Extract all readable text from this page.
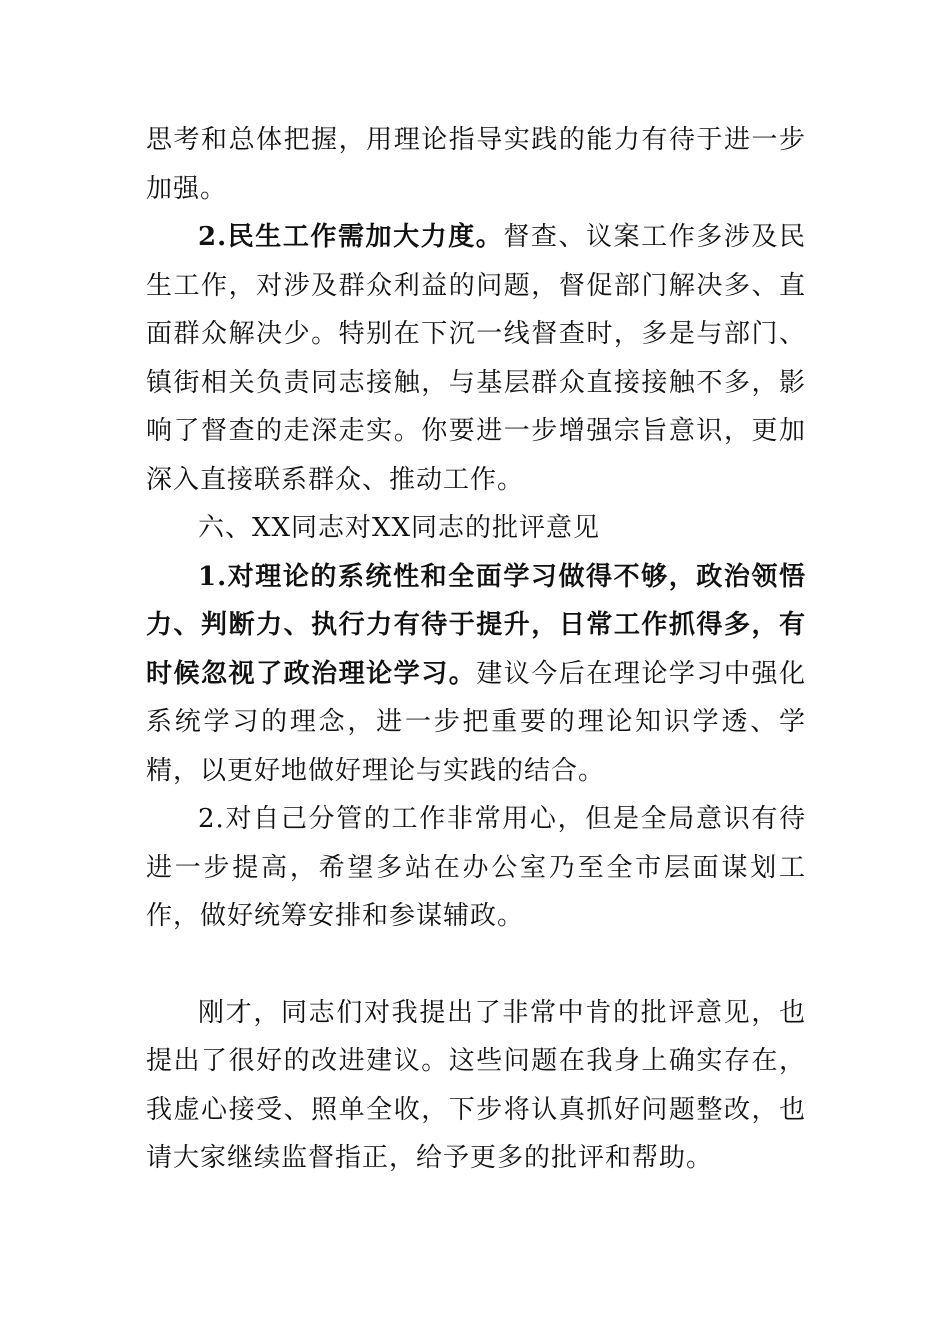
思考和总体把握，用理论指导实践的能力有待于进一步加强。

2.民生工作需加大力度。督查、议案工作多涉及民生工作，对涉及群众利益的问题，督促部门解决多、直面群众解决少。特别在下沉一线督查时，多是与部门、镇街相关负责同志接触，与基层群众直接接触不多，影响了督查的走深走实。你要进一步增强宗旨意识，更加深入直接联系群众、推动工作。

六、XX同志对XX同志的批评意见

1.对理论的系统性和全面学习做得不够，政治领悟力、判断力、执行力有待于提升，日常工作抓得多，有时候忽视了政治理论学习。建议今后在理论学习中强化系统学习的理念，进一步把重要的理论知识学透、学精，以更好地做好理论与实践的结合。

2.对自己分管的工作非常用心，但是全局意识有待进一步提高，希望多站在办公室乃至全市层面谋划工作，做好统筹安排和参谋辅政。

刚才，同志们对我提出了非常中肯的批评意见，也提出了很好的改进建议。这些问题在我身上确实存在，我虚心接受、照单全收，下步将认真抓好问题整改，也请大家继续监督指正，给予更多的批评和帮助。
